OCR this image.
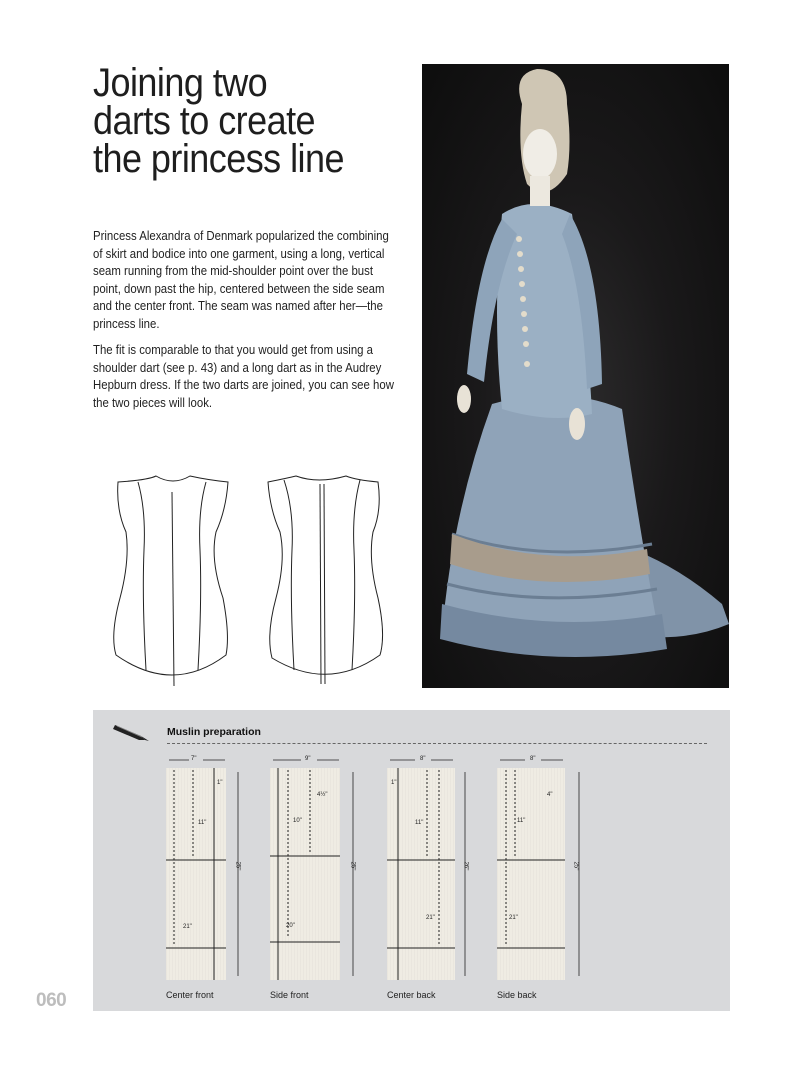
Joining two
darts to create
the princess line

Princess Alexandra of Denmark popularized the combining of skirt and bodice into one garment, using a long, vertical seam running from the mid-shoulder point over the bust point, down past the hip, centered between the side seam and the center front. The seam was named after her—the princess line.

The fit is comparable to that you would get from using a shoulder dart (see p. 43) and a long dart as in the Audrey Hepburn dress. If the two darts are joined, you can see how the two pieces will look.

Muslin preparation
7"
1"
11"
21"
25"
Center front
9"
4½"
10"
20"
25"
Side front
8"
1"
11"
21"
26"
Center back
8"
4"
11"
21"
25"
Side back
060
